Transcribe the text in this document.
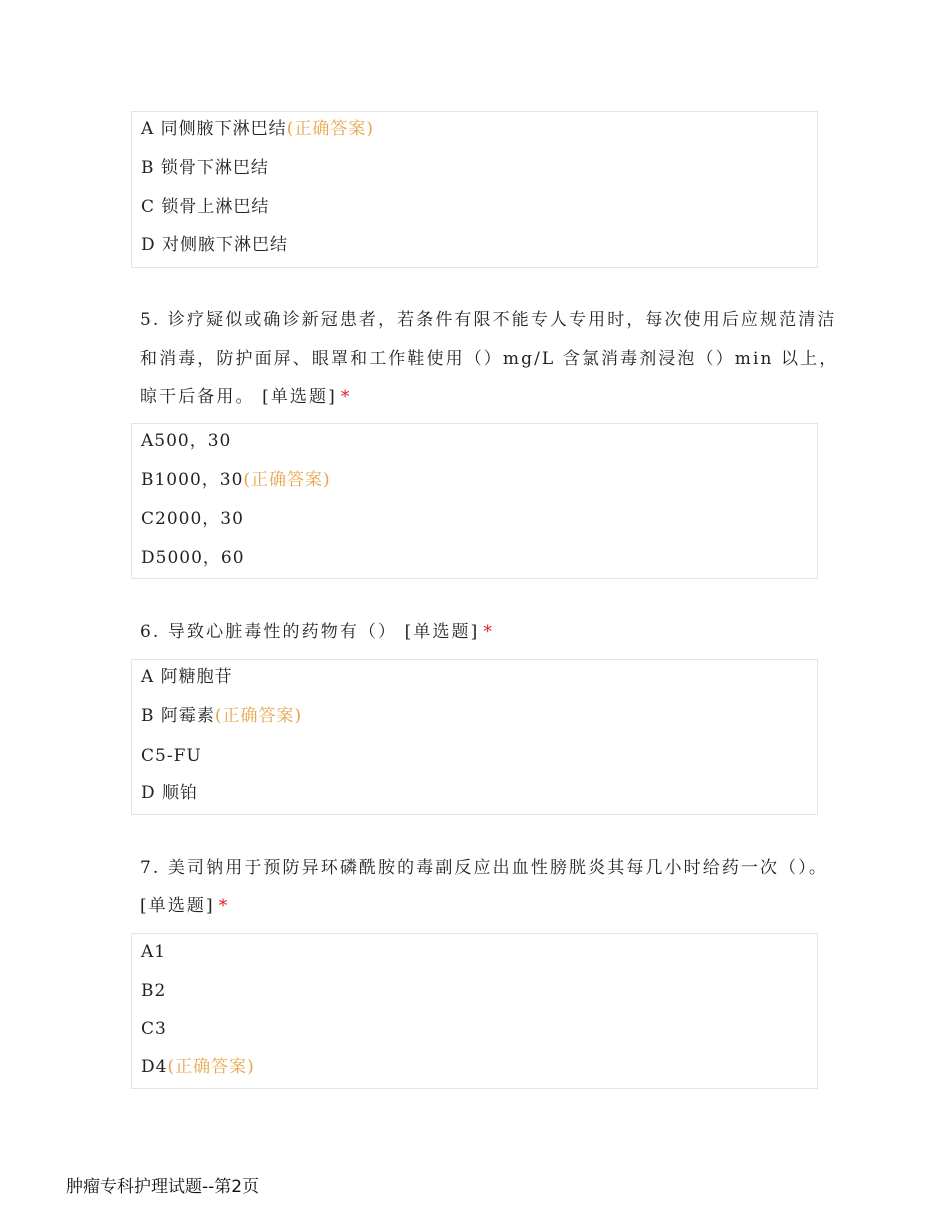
A 同侧腋下淋巴结(正确答案)
B 锁骨下淋巴结
C 锁骨上淋巴结
D 对侧腋下淋巴结
5. 诊疗疑似或确诊新冠患者，若条件有限不能专人专用时，每次使用后应规范清洁
和消毒，防护面屏、眼罩和工作鞋使用（）mg/L 含氯消毒剂浸泡（）min 以上，
晾干后备用。 [单选题] *
A500，30
B1000，30(正确答案)
C2000，30
D5000，60
6. 导致心脏毒性的药物有（） [单选题] *
A 阿糖胞苷
B 阿霉素(正确答案)
C5-FU
D 顺铂
7. 美司钠用于预防异环磷酰胺的毒副反应出血性膀胱炎其每几小时给药一次（）。
[单选题] *
A1
B2
C3
D4(正确答案)
肿瘤专科护理试题--第2页
